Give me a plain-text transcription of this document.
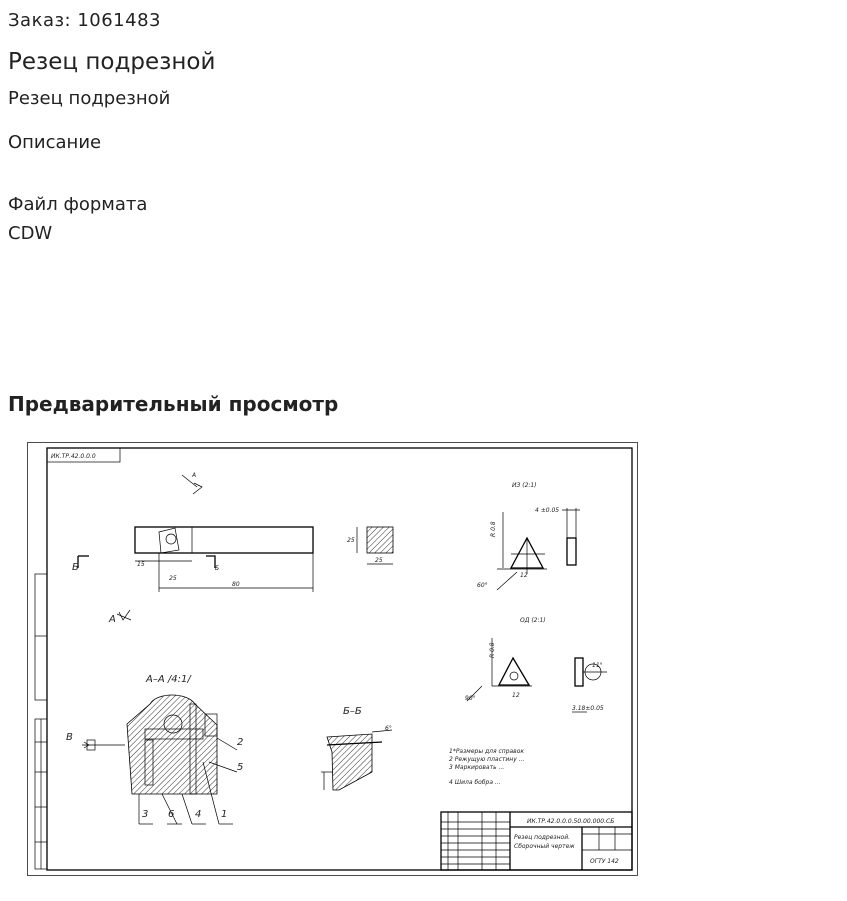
Заказ: 1061483
Резец подрезной
Резец подрезной
Описание
Файл формата
CDW
Предварительный просмотр
ИК.ТР.42.0.0.0
А
80
15
25
Б	Б
А
25
25
ИЗ (2:1)
60°
R 0.8
4 ±0.05
12
ОД (2:1)
90°	12
3.18±0.05
11°
R 0.8
А–А /4:1/
В
3 6 4 1
2
5
Б–Б
6°
1*Размеры для справок
2 Режущую пластину ...
3 Маркировать ...
4 Шила бобра ...
ИК.ТР.42.0.0.0.50.00.000.СБ
Резец подрезной.
Сборочный чертеж
ОГТУ 142
